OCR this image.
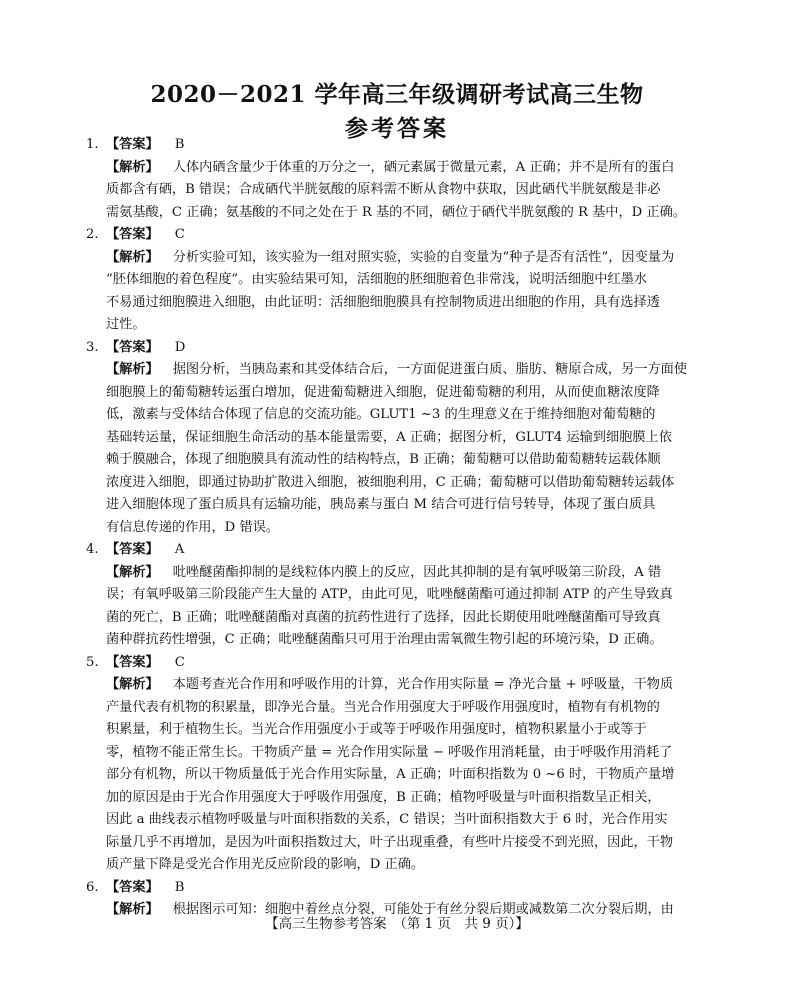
2020－2021 学年高三年级调研考试高三生物
参考答案
1. 【答案】 B
【解析】 人体内硒含量少于体重的万分之一，硒元素属于微量元素，A 正确；并不是所有的蛋白
质都含有硒，B 错误；合成硒代半胱氨酸的原料需不断从食物中获取，因此硒代半胱氨酸是非必
需氨基酸，C 正确；氨基酸的不同之处在于 R 基的不同，硒位于硒代半胱氨酸的 R 基中，D 正确。
2. 【答案】 C
【解析】 分析实验可知，该实验为一组对照实验，实验的自变量为“种子是否有活性”，因变量为
“胚体细胞的着色程度”。由实验结果可知，活细胞的胚细胞着色非常浅，说明活细胞中红墨水
不易通过细胞膜进入细胞，由此证明：活细胞细胞膜具有控制物质进出细胞的作用，具有选择透
过性。
3. 【答案】 D
【解析】 据图分析，当胰岛素和其受体结合后，一方面促进蛋白质、脂肪、糖原合成，另一方面使
细胞膜上的葡萄糖转运蛋白增加，促进葡萄糖进入细胞，促进葡萄糖的利用，从而使血糖浓度降
低，激素与受体结合体现了信息的交流功能。GLUT1 ~3 的生理意义在于维持细胞对葡萄糖的
基础转运量，保证细胞生命活动的基本能量需要，A 正确；据图分析，GLUT4 运输到细胞膜上依
赖于膜融合，体现了细胞膜具有流动性的结构特点，B 正确；葡萄糖可以借助葡萄糖转运载体顺
浓度进入细胞，即通过协助扩散进入细胞，被细胞利用，C 正确；葡萄糖可以借助葡萄糖转运载体
进入细胞体现了蛋白质具有运输功能，胰岛素与蛋白 M 结合可进行信号转导，体现了蛋白质具
有信息传递的作用，D 错误。
4. 【答案】 A
【解析】 吡唑醚菌酯抑制的是线粒体内膜上的反应，因此其抑制的是有氧呼吸第三阶段，A 错
误；有氧呼吸第三阶段能产生大量的 ATP，由此可见，吡唑醚菌酯可通过抑制 ATP 的产生导致真
菌的死亡，B 正确；吡唑醚菌酯对真菌的抗药性进行了选择，因此长期使用吡唑醚菌酯可导致真
菌种群抗药性增强，C 正确；吡唑醚菌酯只可用于治理由需氧微生物引起的环境污染，D 正确。
5. 【答案】 C
【解析】 本题考查光合作用和呼吸作用的计算，光合作用实际量 = 净光合量 + 呼吸量，干物质
产量代表有机物的积累量，即净光合量。当光合作用强度大于呼吸作用强度时，植物有有机物的
积累量，利于植物生长。当光合作用强度小于或等于呼吸作用强度时，植物积累量小于或等于
零，植物不能正常生长。干物质产量 = 光合作用实际量 − 呼吸作用消耗量，由于呼吸作用消耗了
部分有机物，所以干物质量低于光合作用实际量，A 正确；叶面积指数为 0 ~6 时，干物质产量增
加的原因是由于光合作用强度大于呼吸作用强度，B 正确；植物呼吸量与叶面积指数呈正相关，
因此 a 曲线表示植物呼吸量与叶面积指数的关系，C 错误；当叶面积指数大于 6 时，光合作用实
际量几乎不再增加，是因为叶面积指数过大，叶子出现重叠，有些叶片接受不到光照，因此，干物
质产量下降是受光合作用光反应阶段的影响，D 正确。
6. 【答案】 B
【解析】 根据图示可知：细胞中着丝点分裂，可能处于有丝分裂后期或减数第二次分裂后期，由
【高三生物参考答案　（第 1 页　共 9 页）】
